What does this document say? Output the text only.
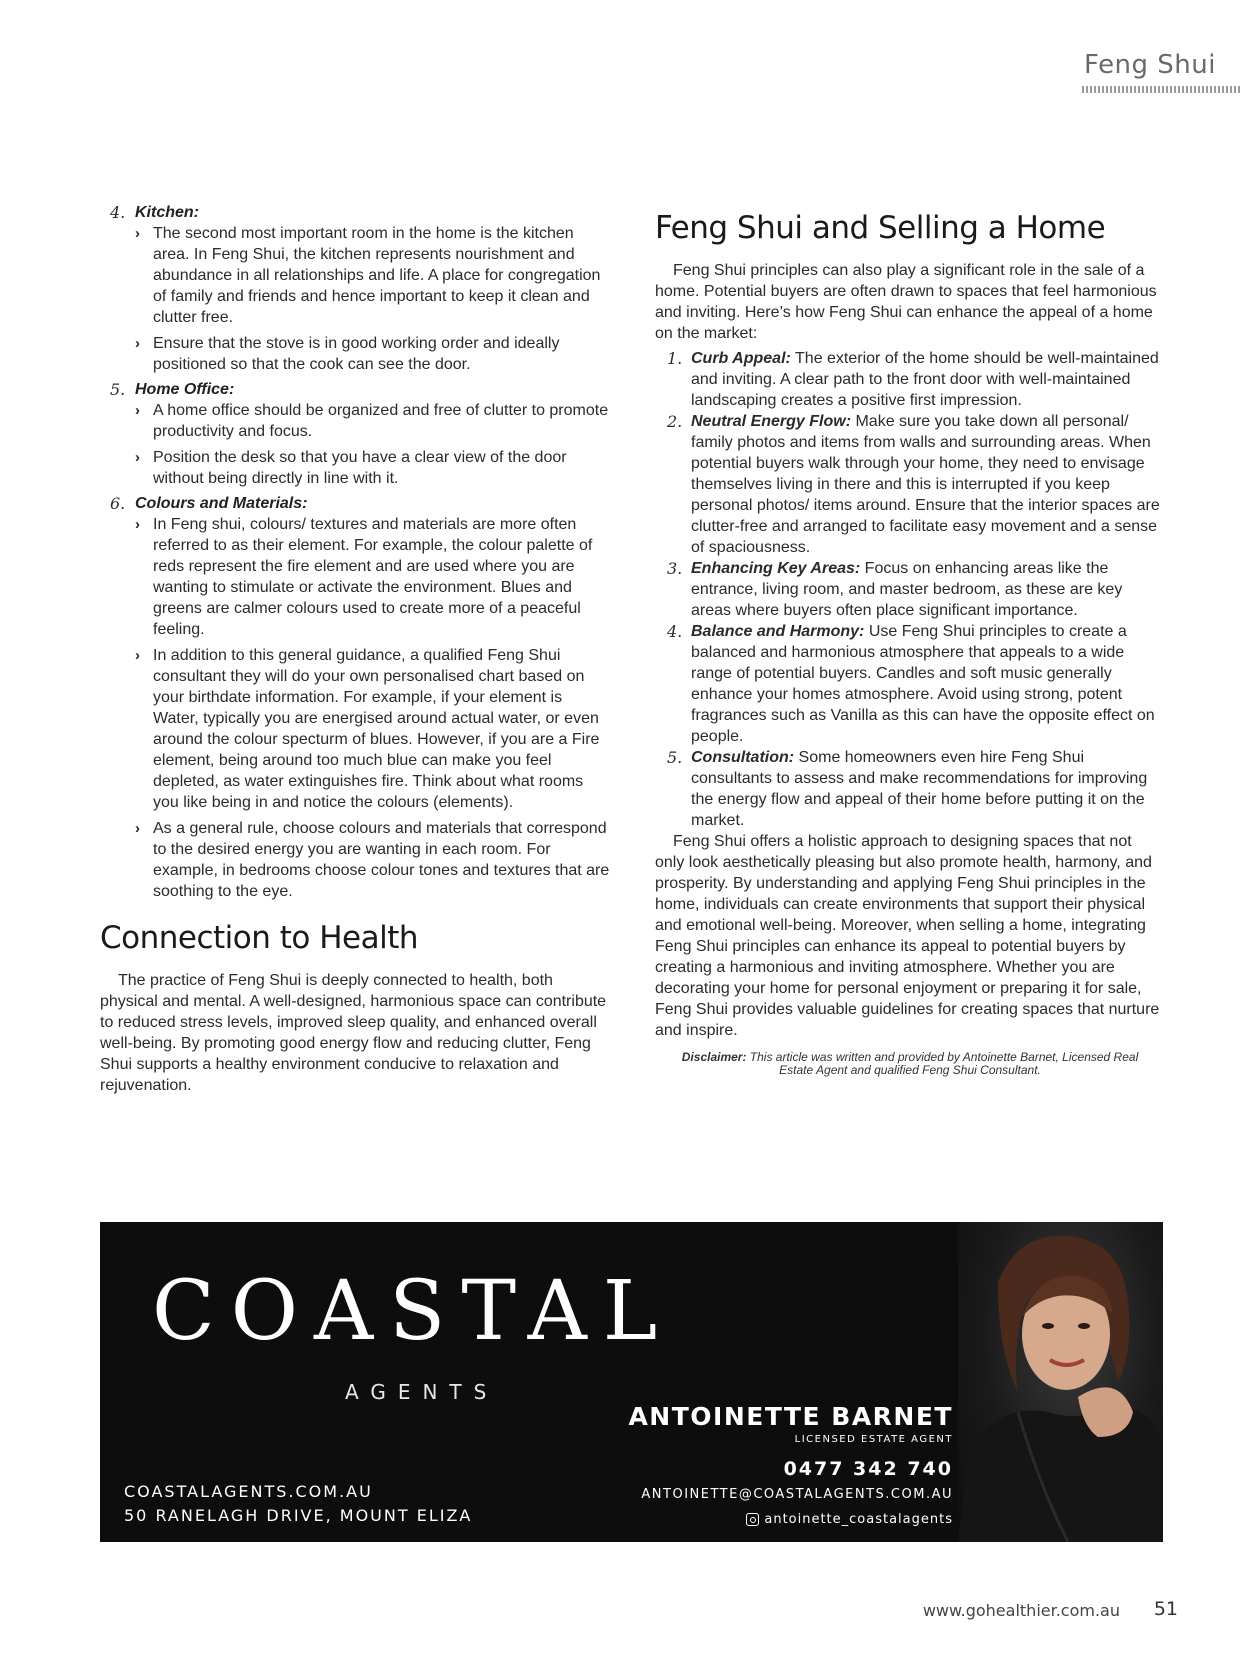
Feng Shui
4. Kitchen:
› The second most important room in the home is the kitchen area. In Feng Shui, the kitchen represents nourishment and abundance in all relationships and life. A place for congregation of family and friends and hence important to keep it clean and clutter free.
› Ensure that the stove is in good working order and ideally positioned so that the cook can see the door.
5. Home Office:
› A home office should be organized and free of clutter to promote productivity and focus.
› Position the desk so that you have a clear view of the door without being directly in line with it.
6. Colours and Materials:
› In Feng shui, colours/ textures and materials are more often referred to as their element. For example, the colour palette of reds represent the fire element and are used where you are wanting to stimulate or activate the environment. Blues and greens are calmer colours used to create more of a peaceful feeling.
› In addition to this general guidance, a qualified Feng Shui consultant they will do your own personalised chart based on your birthdate information. For example, if your element is Water, typically you are energised around actual water, or even around the colour specturm of blues. However, if you are a Fire element, being around too much blue can make you feel depleted, as water extinguishes fire. Think about what rooms you like being in and notice the colours (elements).
› As a general rule, choose colours and materials that correspond to the desired energy you are wanting in each room. For example, in bedrooms choose colour tones and textures that are soothing to the eye.
Connection to Health

The practice of Feng Shui is deeply connected to health, both physical and mental. A well-designed, harmonious space can contribute to reduced stress levels, improved sleep quality, and enhanced overall well-being. By promoting good energy flow and reducing clutter, Feng Shui supports a healthy environment conducive to relaxation and rejuvenation.

Feng Shui and Selling a Home

Feng Shui principles can also play a significant role in the sale of a home. Potential buyers are often drawn to spaces that feel harmonious and inviting. Here’s how Feng Shui can enhance the appeal of a home on the market:

1. Curb Appeal: The exterior of the home should be well-maintained and inviting. A clear path to the front door with well-maintained landscaping creates a positive first impression.

2. Neutral Energy Flow: Make sure you take down all personal/ family photos and items from walls and surrounding areas. When potential buyers walk through your home, they need to envisage themselves living in there and this is interrupted if you keep personal photos/ items around. Ensure that the interior spaces are clutter-free and arranged to facilitate easy movement and a sense of spaciousness.

3. Enhancing Key Areas: Focus on enhancing areas like the entrance, living room, and master bedroom, as these are key areas where buyers often place significant importance.

4. Balance and Harmony: Use Feng Shui principles to create a balanced and harmonious atmosphere that appeals to a wide range of potential buyers. Candles and soft music generally enhance your homes atmosphere. Avoid using strong, potent fragrances such as Vanilla as this can have the opposite effect on people.

5. Consultation: Some homeowners even hire Feng Shui consultants to assess and make recommendations for improving the energy flow and appeal of their home before putting it on the market.

Feng Shui offers a holistic approach to designing spaces that not only look aesthetically pleasing but also promote health, harmony, and prosperity. By understanding and applying Feng Shui principles in the home, individuals can create environments that support their physical and emotional well-being. Moreover, when selling a home, integrating Feng Shui principles can enhance its appeal to potential buyers by creating a harmonious and inviting atmosphere. Whether you are decorating your home for personal enjoyment or preparing it for sale, Feng Shui provides valuable guidelines for creating spaces that nurture and inspire.

Disclaimer: This article was written and provided by Antoinette Barnet, Licensed Real Estate Agent and qualified Feng Shui Consultant.
COASTAL
AGENTS
COASTALAGENTS.COM.AU
50 RANELAGH DRIVE, MOUNT ELIZA
ANTOINETTE BARNET
LICENSED ESTATE AGENT
0477 342 740
ANTOINETTE@COASTALAGENTS.COM.AU
antoinette_coastalagents
www.gohealthier.com.au 51
